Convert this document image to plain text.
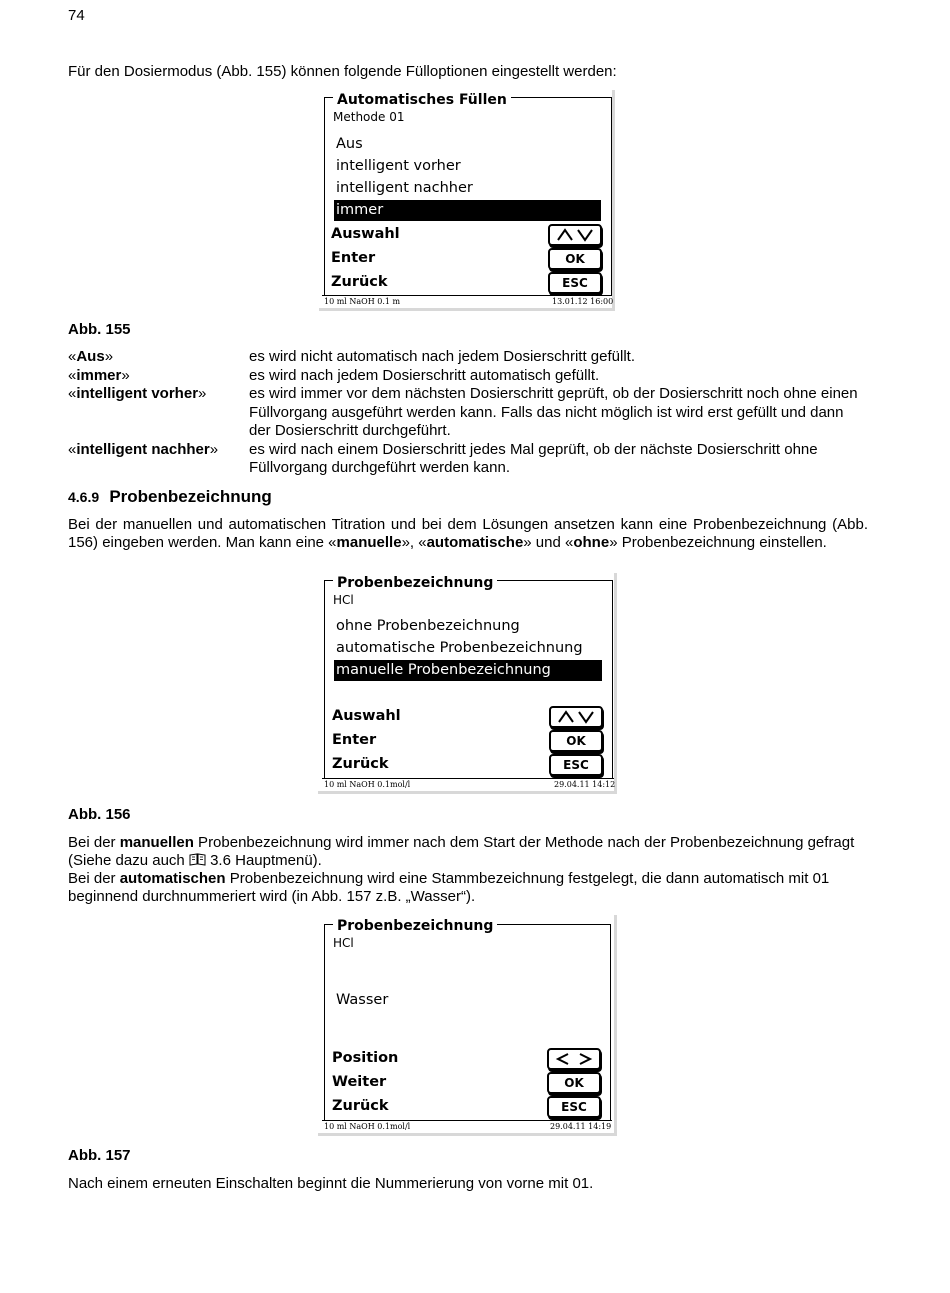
74

Für den Dosiermodus (Abb. 155) können folgende Fülloptionen eingestellt werden:

Automatisches Füllen
Methode 01
Aus
intelligent vorher
intelligent nachher
immer
Auswahl
Enter	OK
Zurück	ESC
10 ml NaOH 0.1 m	13.01.12 16:00
Abb. 155
«Aus»	es wird nicht automatisch nach jedem Dosierschritt gefüllt.
«immer»	es wird nach jedem Dosierschritt automatisch gefüllt.
«intelligent vorher»	es wird immer vor dem nächsten Dosierschritt geprüft, ob der Dosierschritt noch ohne einen Füllvorgang ausgeführt werden kann. Falls das nicht möglich ist wird erst gefüllt und dann der Dosierschritt durchgeführt.
«intelligent nachher»	es wird nach einem Dosierschritt jedes Mal geprüft, ob der nächste Dosierschritt ohne Füllvorgang durchgeführt werden kann.
4.6.9 Probenbezeichnung

Bei der manuellen und automatischen Titration und bei dem Lösungen ansetzen kann eine Probenbezeichnung (Abb. 156) eingeben werden. Man kann eine «manuelle», «automatische» und «ohne» Probenbezeichnung einstellen.

Probenbezeichnung
HCl
ohne Probenbezeichnung
automatische Probenbezeichnung
manuelle Probenbezeichnung
Auswahl
Enter	OK
Zurück	ESC
10 ml NaOH 0.1mol/l	29.04.11 14:12
Abb. 156

Bei der manuellen Probenbezeichnung wird immer nach dem Start der Methode nach der Probenbezeichnung gefragt (Siehe dazu auch  3.6 Hauptmenü).
Bei der automatischen Probenbezeichnung wird eine Stammbezeichnung festgelegt, die dann automatisch mit 01 beginnend durchnummeriert wird (in Abb. 157 z.B. „Wasser“).

Probenbezeichnung
HCl
Wasser
Position
Weiter	OK
Zurück	ESC
10 ml NaOH 0.1mol/l	29.04.11 14:19
Abb. 157

Nach einem erneuten Einschalten beginnt die Nummerierung von vorne mit 01.
